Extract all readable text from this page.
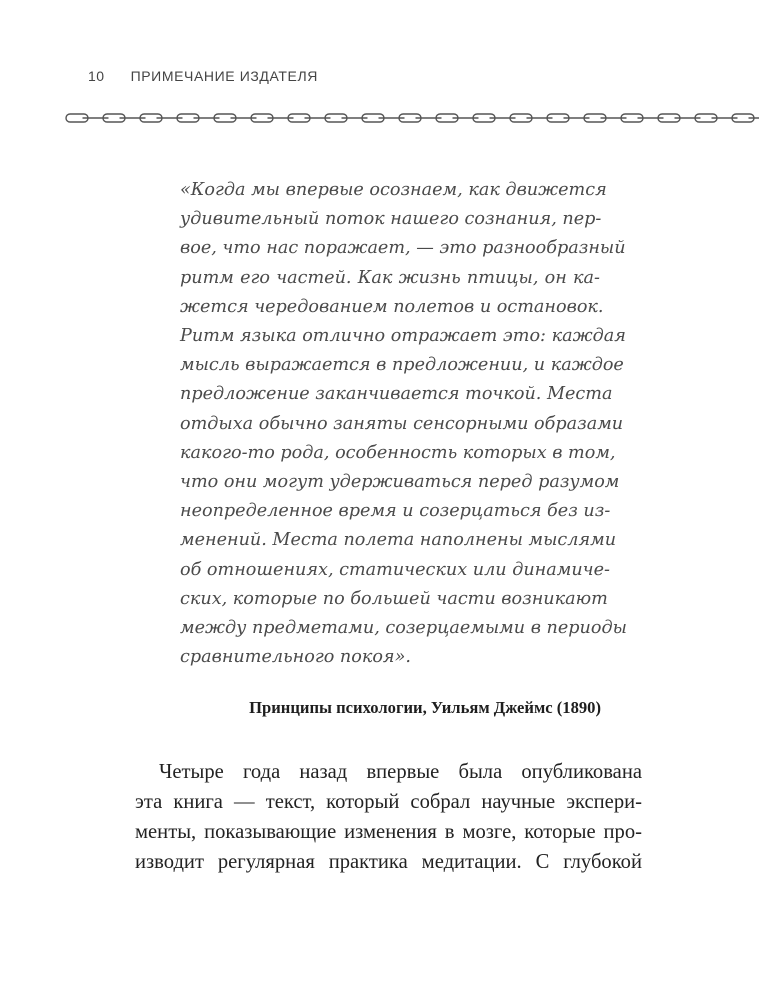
10 ПРИМЕЧАНИЕ ИЗДАТЕЛЯ
«Когда мы впервые осознаем, как движется
удивительный поток нашего сознания, пер-
вое, что нас поражает, — это разнообразный
ритм его частей. Как жизнь птицы, он ка-
жется чередованием полетов и остановок.
Ритм языка отлично отражает это: каждая
мысль выражается в предложении, и каждое
предложение заканчивается точкой. Места
отдыха обычно заняты сенсорными образами
какого-то рода, особенность которых в том,
что они могут удерживаться перед разумом
неопределенное время и созерцаться без из-
менений. Места полета наполнены мыслями
об отношениях, статических или динамиче-
ских, которые по большей части возникают
между предметами, созерцаемыми в периоды
сравнительного покоя».
Принципы психологии, Уильям Джеймс (1890)
Четыре года назад впервые была опубликована
эта книга — текст, который собрал научные экспери-
менты, показывающие изменения в мозге, которые про-
изводит регулярная практика медитации. С глубокой
